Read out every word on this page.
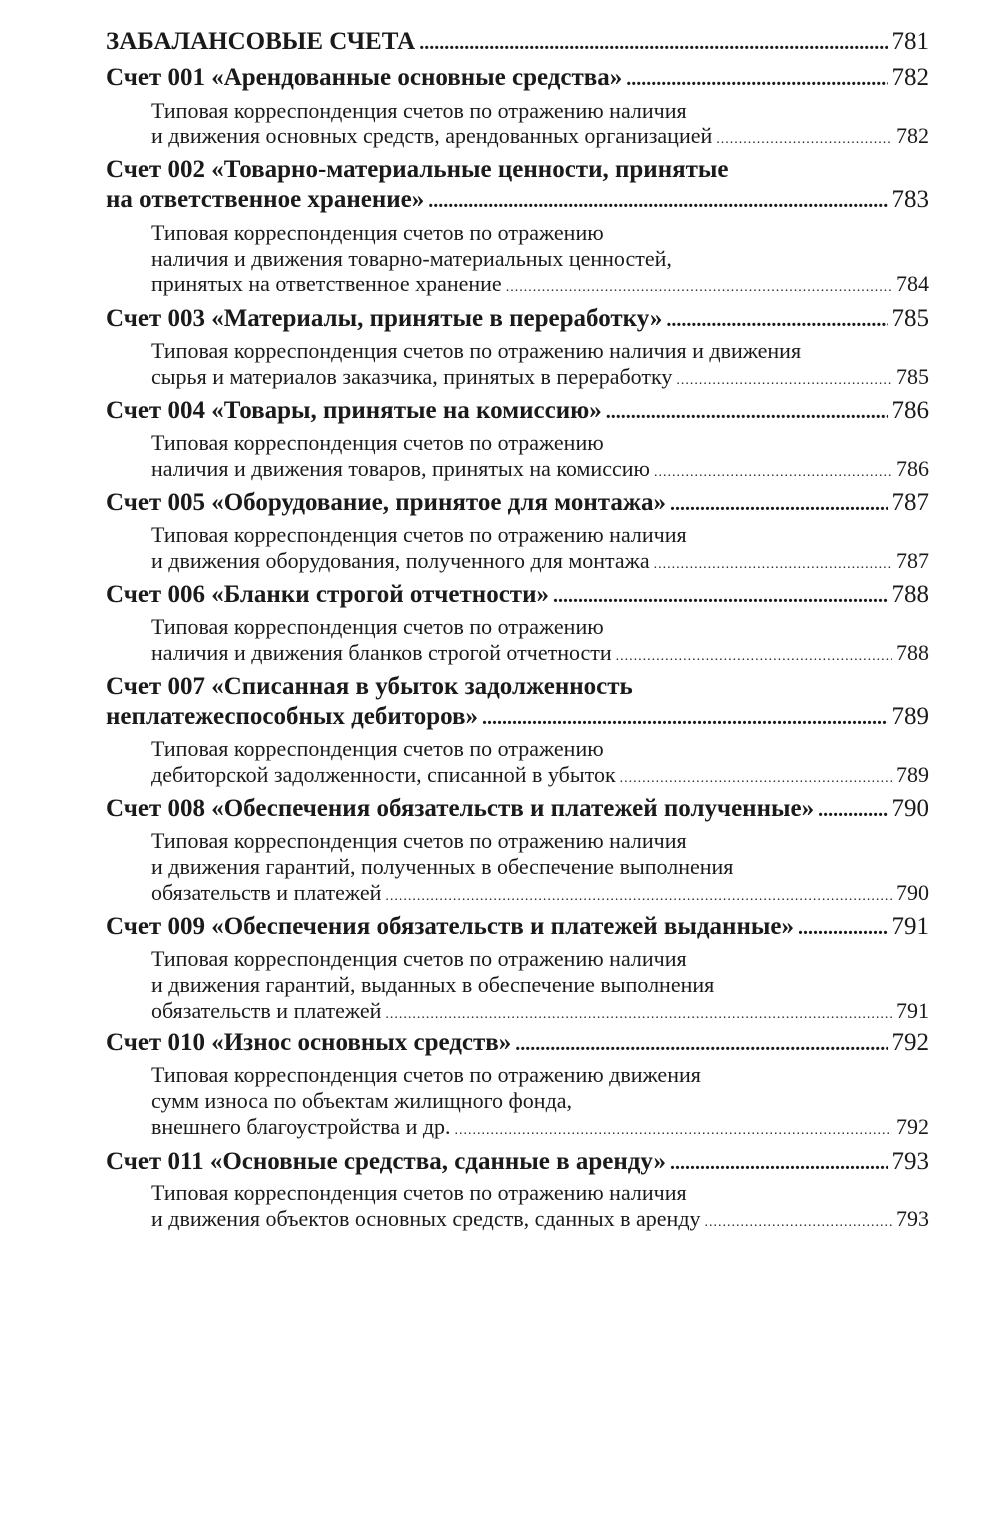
ЗАБАЛАНСОВЫЕ СЧЕТА .....	781
Счет 001 «Арендованные основные средства» .....	782
Типовая корреспонденция счетов по отражению наличия
и движения основных средств, арендованных организацией .....	782
Счет 002 «Товарно-материальные ценности, принятые
на ответственное хранение» .....	783
Типовая корреспонденция счетов по отражению
наличия и движения товарно-материальных ценностей,
принятых на ответственное хранение .....	784
Счет 003 «Материалы, принятые в переработку» .....	785
Типовая корреспонденция счетов по отражению наличия и движения
сырья и материалов заказчика, принятых в переработку .....	785
Счет 004 «Товары, принятые на комиссию» .....	786
Типовая корреспонденция счетов по отражению
наличия и движения товаров, принятых на комиссию .....	786
Счет 005 «Оборудование, принятое для монтажа» .....	787
Типовая корреспонденция счетов по отражению наличия
и движения оборудования, полученного для монтажа .....	787
Счет 006 «Бланки строгой отчетности» .....	788
Типовая корреспонденция счетов по отражению
наличия и движения бланков строгой отчетности .....	788
Счет 007 «Списанная в убыток задолженность
неплатежеспособных дебиторов» .....	789
Типовая корреспонденция счетов по отражению
дебиторской задолженности, списанной в убыток .....	789
Счет 008 «Обеспечения обязательств и платежей полученные» .....	790
Типовая корреспонденция счетов по отражению наличия
и движения гарантий, полученных в обеспечение выполнения
обязательств и платежей .....	790
Счет 009 «Обеспечения обязательств и платежей выданные» .....	791
Типовая корреспонденция счетов по отражению наличия
и движения гарантий, выданных в обеспечение выполнения
обязательств и платежей .....	791
Счет 010 «Износ основных средств» .....	792
Типовая корреспонденция счетов по отражению движения
сумм износа по объектам жилищного фонда,
внешнего благоустройства и др. .....	792
Счет 011 «Основные средства, сданные в аренду» .....	793
Типовая корреспонденция счетов по отражению наличия
и движения объектов основных средств, сданных в аренду .....	793
